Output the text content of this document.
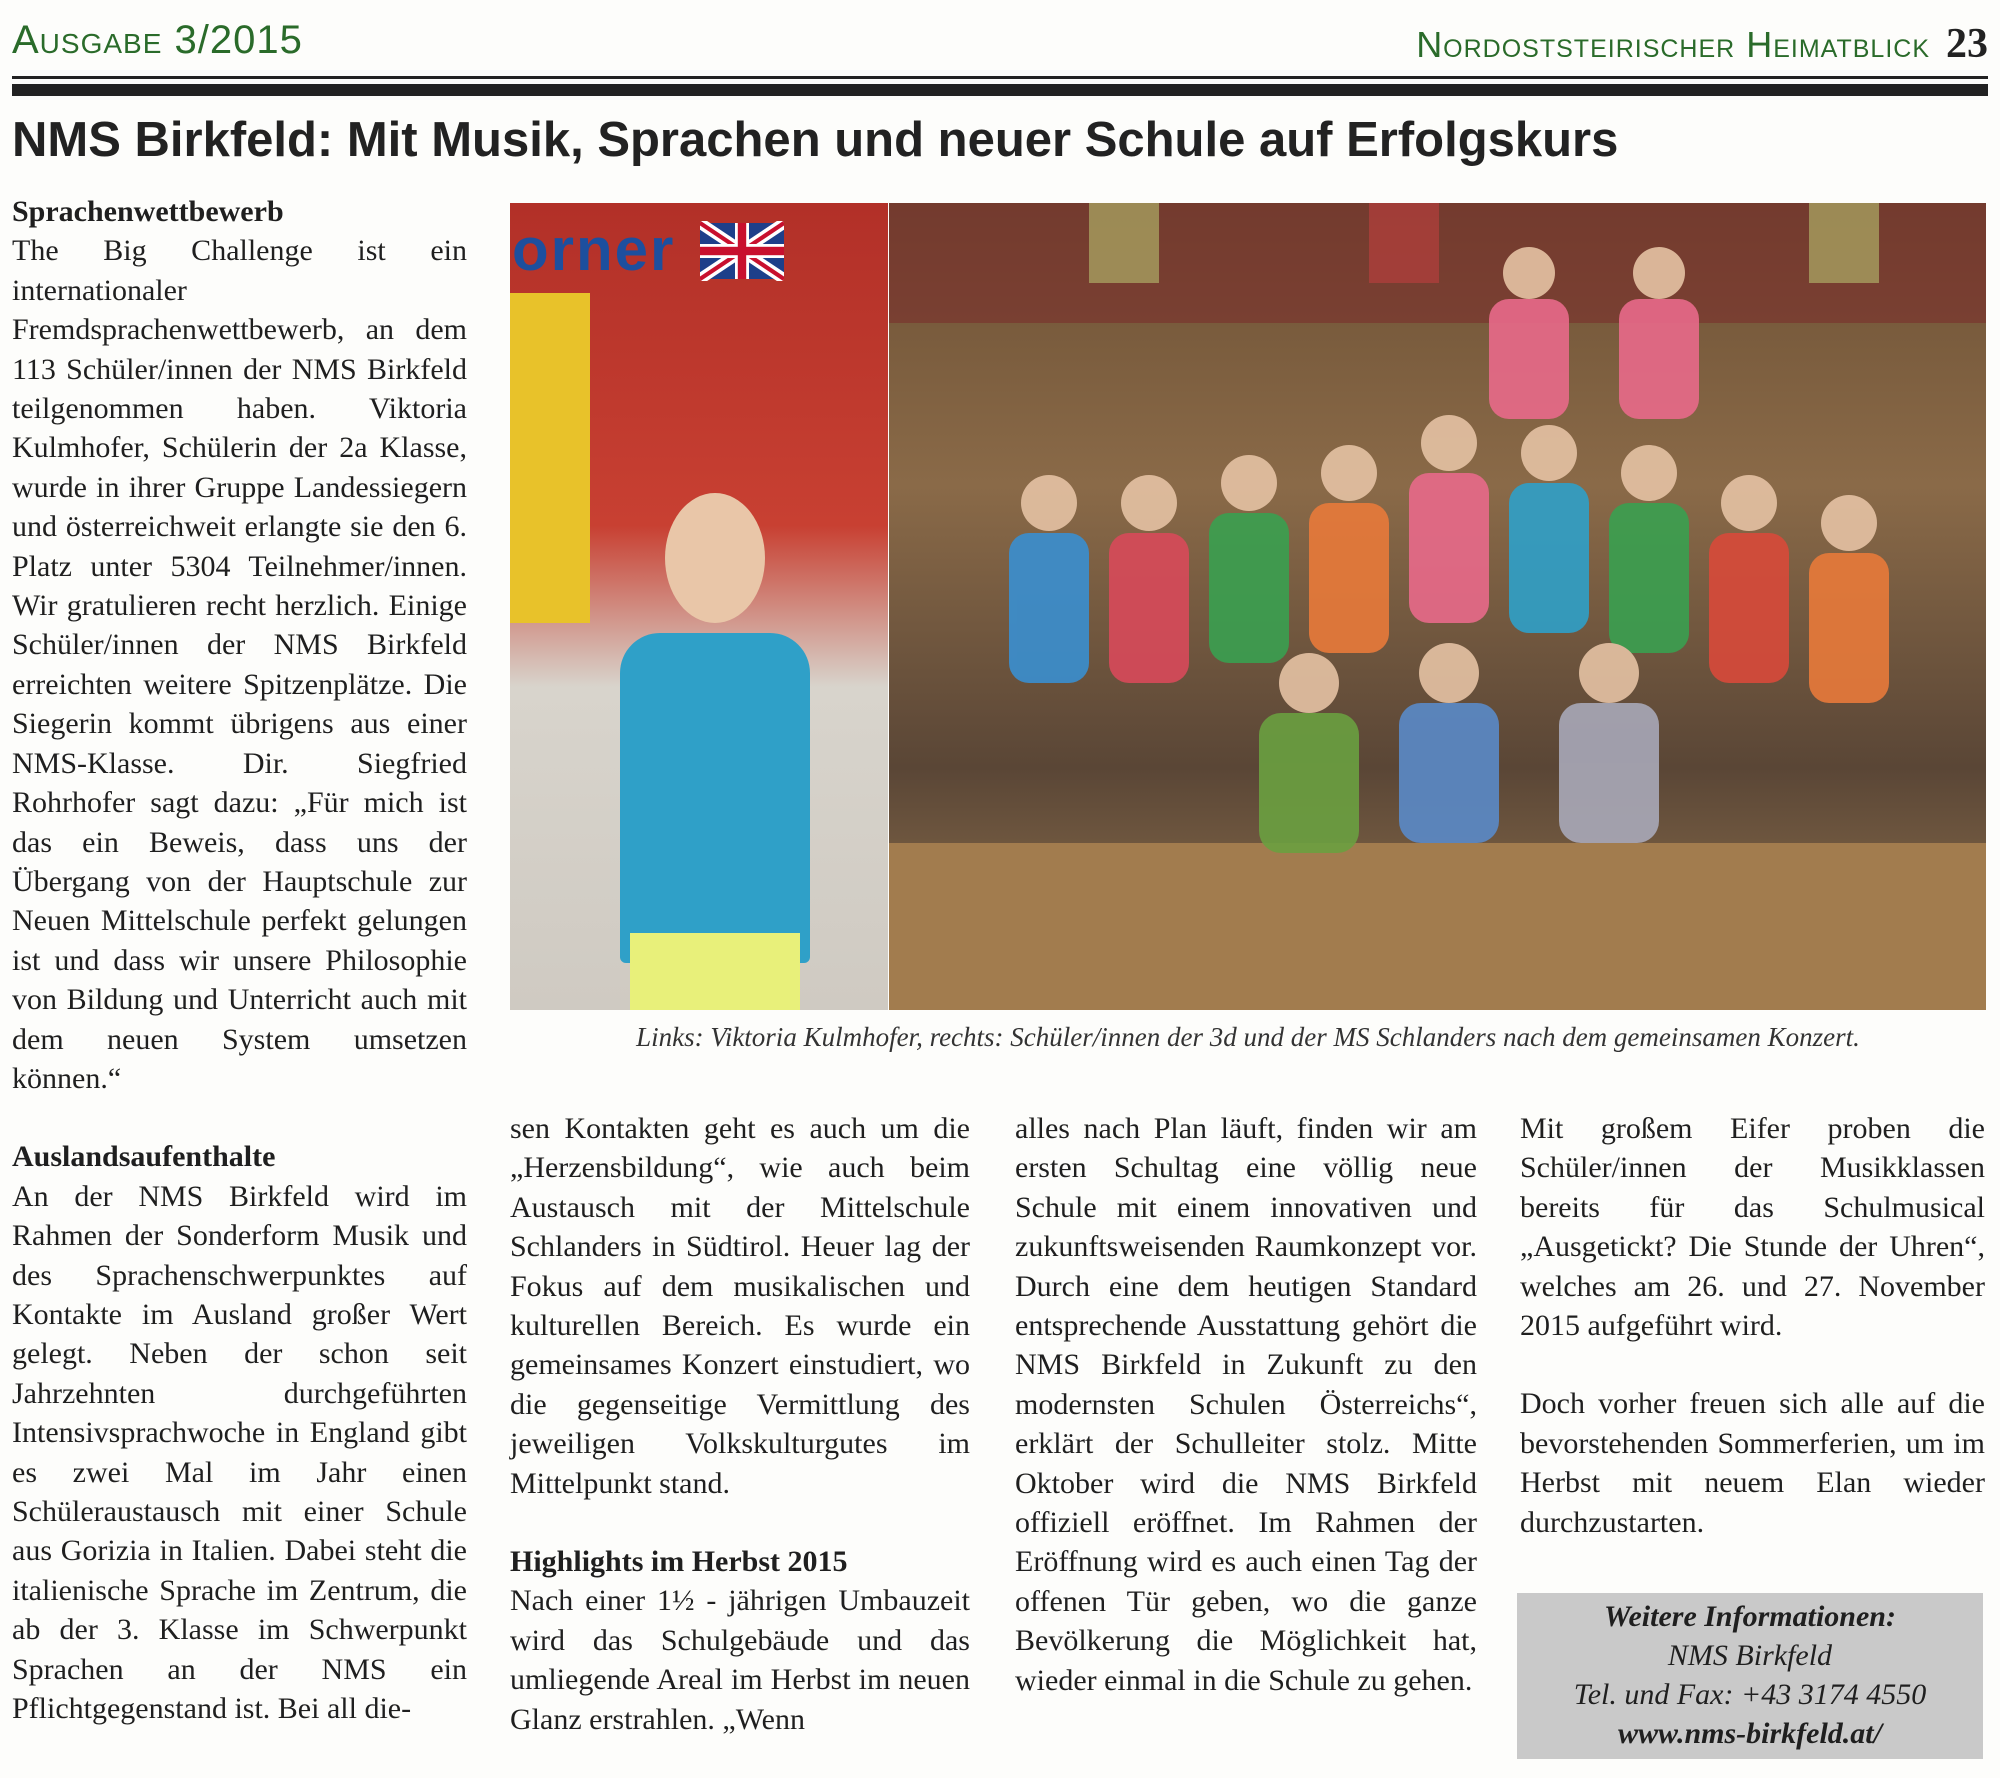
Ausgabe 3/2015	Nordoststeirischer Heimatblick 23
NMS Birkfeld: Mit Musik, Sprachen und neuer Schule auf Erfolgskurs
Sprachenwettbewerb

The Big Challenge ist ein internationaler Fremdsprachenwettbewerb, an dem 113 Schüler/innen der NMS Birkfeld teilgenommen haben. Viktoria Kulmhofer, Schülerin der 2a Klasse, wurde in ihrer Gruppe Landessiegern und österreichweit erlangte sie den 6. Platz unter 5304 Teilnehmer/innen. Wir gratulieren recht herzlich. Einige Schüler/innen der NMS Birkfeld erreichten weitere Spitzenplätze. Die Siegerin kommt übrigens aus einer NMS-Klasse. Dir. Siegfried Rohrhofer sagt dazu: „Für mich ist das ein Beweis, dass uns der Übergang von der Hauptschule zur Neuen Mittelschule perfekt gelungen ist und dass wir unsere Philosophie von Bildung und Unterricht auch mit dem neuen System umsetzen können.“

Auslandsaufenthalte

An der NMS Birkfeld wird im Rahmen der Sonderform Musik und des Sprachenschwerpunktes auf Kontakte im Ausland großer Wert gelegt. Neben der schon seit Jahrzehnten durchgeführten Intensivsprachwoche in England gibt es zwei Mal im Jahr einen Schüleraustausch mit einer Schule aus Gorizia in Italien. Dabei steht die italienische Sprache im Zentrum, die ab der 3. Klasse im Schwerpunkt Sprachen an der NMS ein Pflichtgegenstand ist. Bei all die-

orner
Links: Viktoria Kulmhofer, rechts: Schüler/innen der 3d und der MS Schlanders nach dem gemeinsamen Konzert.

sen Kontakten geht es auch um die „Herzensbildung“, wie auch beim Austausch mit der Mittelschule Schlanders in Südtirol. Heuer lag der Fokus auf dem musikalischen und kulturellen Bereich. Es wurde ein gemeinsames Konzert einstudiert, wo die gegenseitige Vermittlung des jeweiligen Volkskulturgutes im Mittelpunkt stand.

Highlights im Herbst 2015

Nach einer 1½ - jährigen Umbauzeit wird das Schulgebäude und das umliegende Areal im Herbst im neuen Glanz erstrahlen. „Wenn

alles nach Plan läuft, finden wir am ersten Schultag eine völlig neue Schule mit einem innovativen und zukunftsweisenden Raumkonzept vor. Durch eine dem heutigen Standard entsprechende Ausstattung gehört die NMS Birkfeld in Zukunft zu den modernsten Schulen Österreichs“, erklärt der Schulleiter stolz. Mitte Oktober wird die NMS Birkfeld offiziell eröffnet. Im Rahmen der Eröffnung wird es auch einen Tag der offenen Tür geben, wo die ganze Bevölkerung die Möglichkeit hat, wieder einmal in die Schule zu gehen.

Mit großem Eifer proben die Schüler/innen der Musikklassen bereits für das Schulmusical „Ausgetickt? Die Stunde der Uhren“, welches am 26. und 27. November 2015 aufgeführt wird.

Doch vorher freuen sich alle auf die bevorstehenden Sommerferien, um im Herbst mit neuem Elan wieder durchzustarten.

Weitere Informationen:
NMS Birkfeld
Tel. und Fax: +43 3174 4550
www.nms-birkfeld.at/
